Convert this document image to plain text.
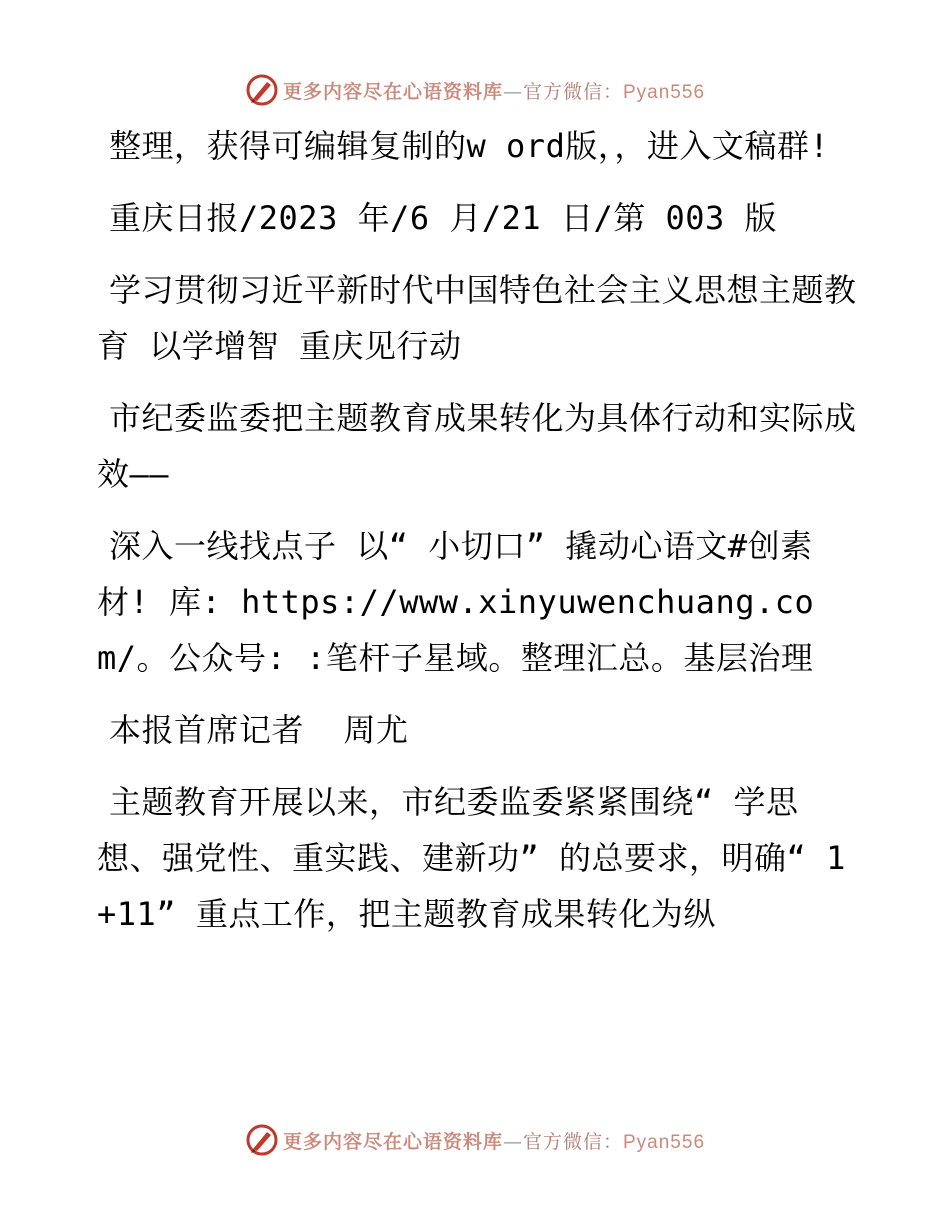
更多内容尽在心语资料库—官方微信：Pyan556

整理，获得可编辑复制的w ord版，，进入文稿群!

重庆日报/2023 年/6 月/21 日/第 003 版

学习贯彻习近平新时代中国特色社会主义思想主题教育 以学增智 重庆见行动

市纪委监委把主题教育成果转化为具体行动和实际成效——

深入一线找点子 以“ 小切口” 撬动心语文#创素材! 库: https://www.xinyuwenchuang.com/。公众号: :笔杆子星域。整理汇总。基层治理

本报首席记者  周尤

主题教育开展以来，市纪委监委紧紧围绕“ 学思想、强党性、重实践、建新功” 的总要求，明确“ 1+11” 重点工作，把主题教育成果转化为纵

更多内容尽在心语资料库—官方微信：Pyan556
